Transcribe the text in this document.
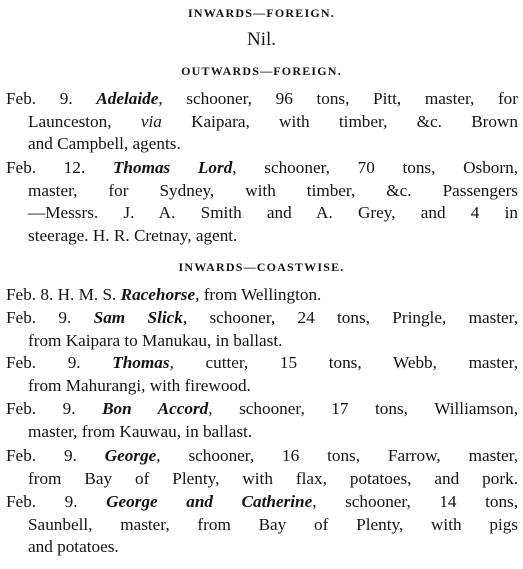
INWARDS—FOREIGN.
Nil.
OUTWARDS—FOREIGN.
Feb. 9. Adelaide, schooner, 96 tons, Pitt, master, for
Launceston, via Kaipara, with timber, &c. Brown
and Campbell, agents.
Feb. 12. Thomas Lord, schooner, 70 tons, Osborn,
master, for Sydney, with timber, &c. Passengers
—Messrs. J. A. Smith and A. Grey, and 4 in
steerage. H. R. Cretnay, agent.
INWARDS—COASTWISE.
Feb. 8. H. M. S. Racehorse, from Wellington.
Feb. 9. Sam Slick, schooner, 24 tons, Pringle, master,
from Kaipara to Manukau, in ballast.
Feb. 9. Thomas, cutter, 15 tons, Webb, master,
from Mahurangi, with firewood.
Feb. 9. Bon Accord, schooner, 17 tons, Williamson,
master, from Kauwau, in ballast.
Feb. 9. George, schooner, 16 tons, Farrow, master,
from Bay of Plenty, with flax, potatoes, and pork.
Feb. 9. George and Catherine, schooner, 14 tons,
Saunbell, master, from Bay of Plenty, with pigs
and potatoes.
